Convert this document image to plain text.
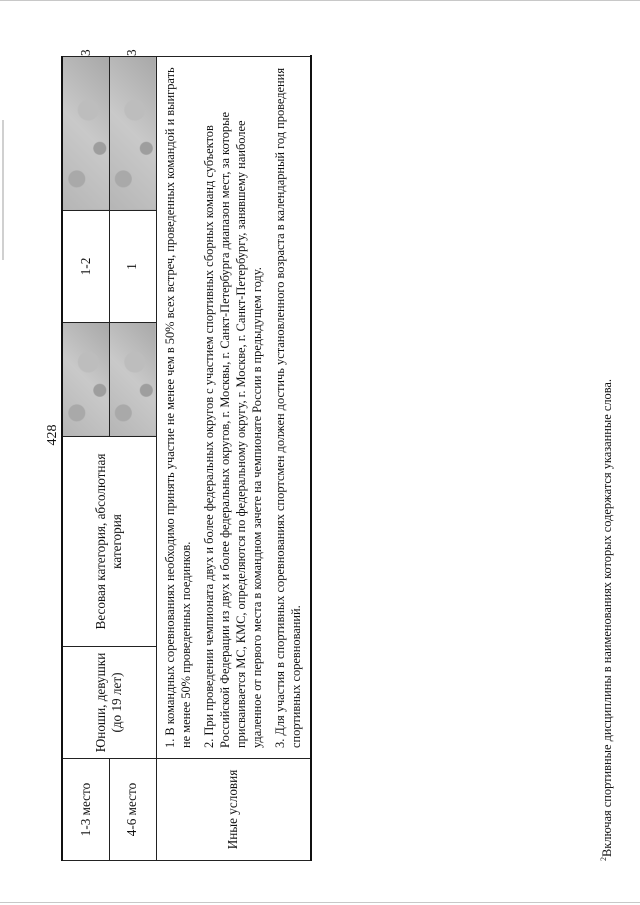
428
1-3 место	Юноши, девушки (до 19 лет)	Весовая категория, абсолютная категория		1-2		3
4-6 место				1		3
Иные условия	1. В командных соревнованиях необходимо принять участие не менее чем в 50% всех встреч, проведенных командой и выиграть не менее 50% проведенных поединков. 2. При проведении чемпионата двух и более федеральных округов с участием спортивных сборных команд субъектов Российской Федерации из двух и более федеральных округов, г. Москвы, г. Санкт-Петербурга диапазон мест, за которые присваивается МС, КМС, определяются по федеральному округу, г. Москве, г. Санкт-Петербургу, занявшему наиболее удаленное от первого места в командном зачете на чемпионате России в предыдущем году. 3. Для участия в спортивных соревнованиях спортсмен должен достичь установленного возраста в календарный год проведения спортивных соревнований.					

$^2$Включая спортивные дисциплины в наименованиях которых содержатся указанные слова.
